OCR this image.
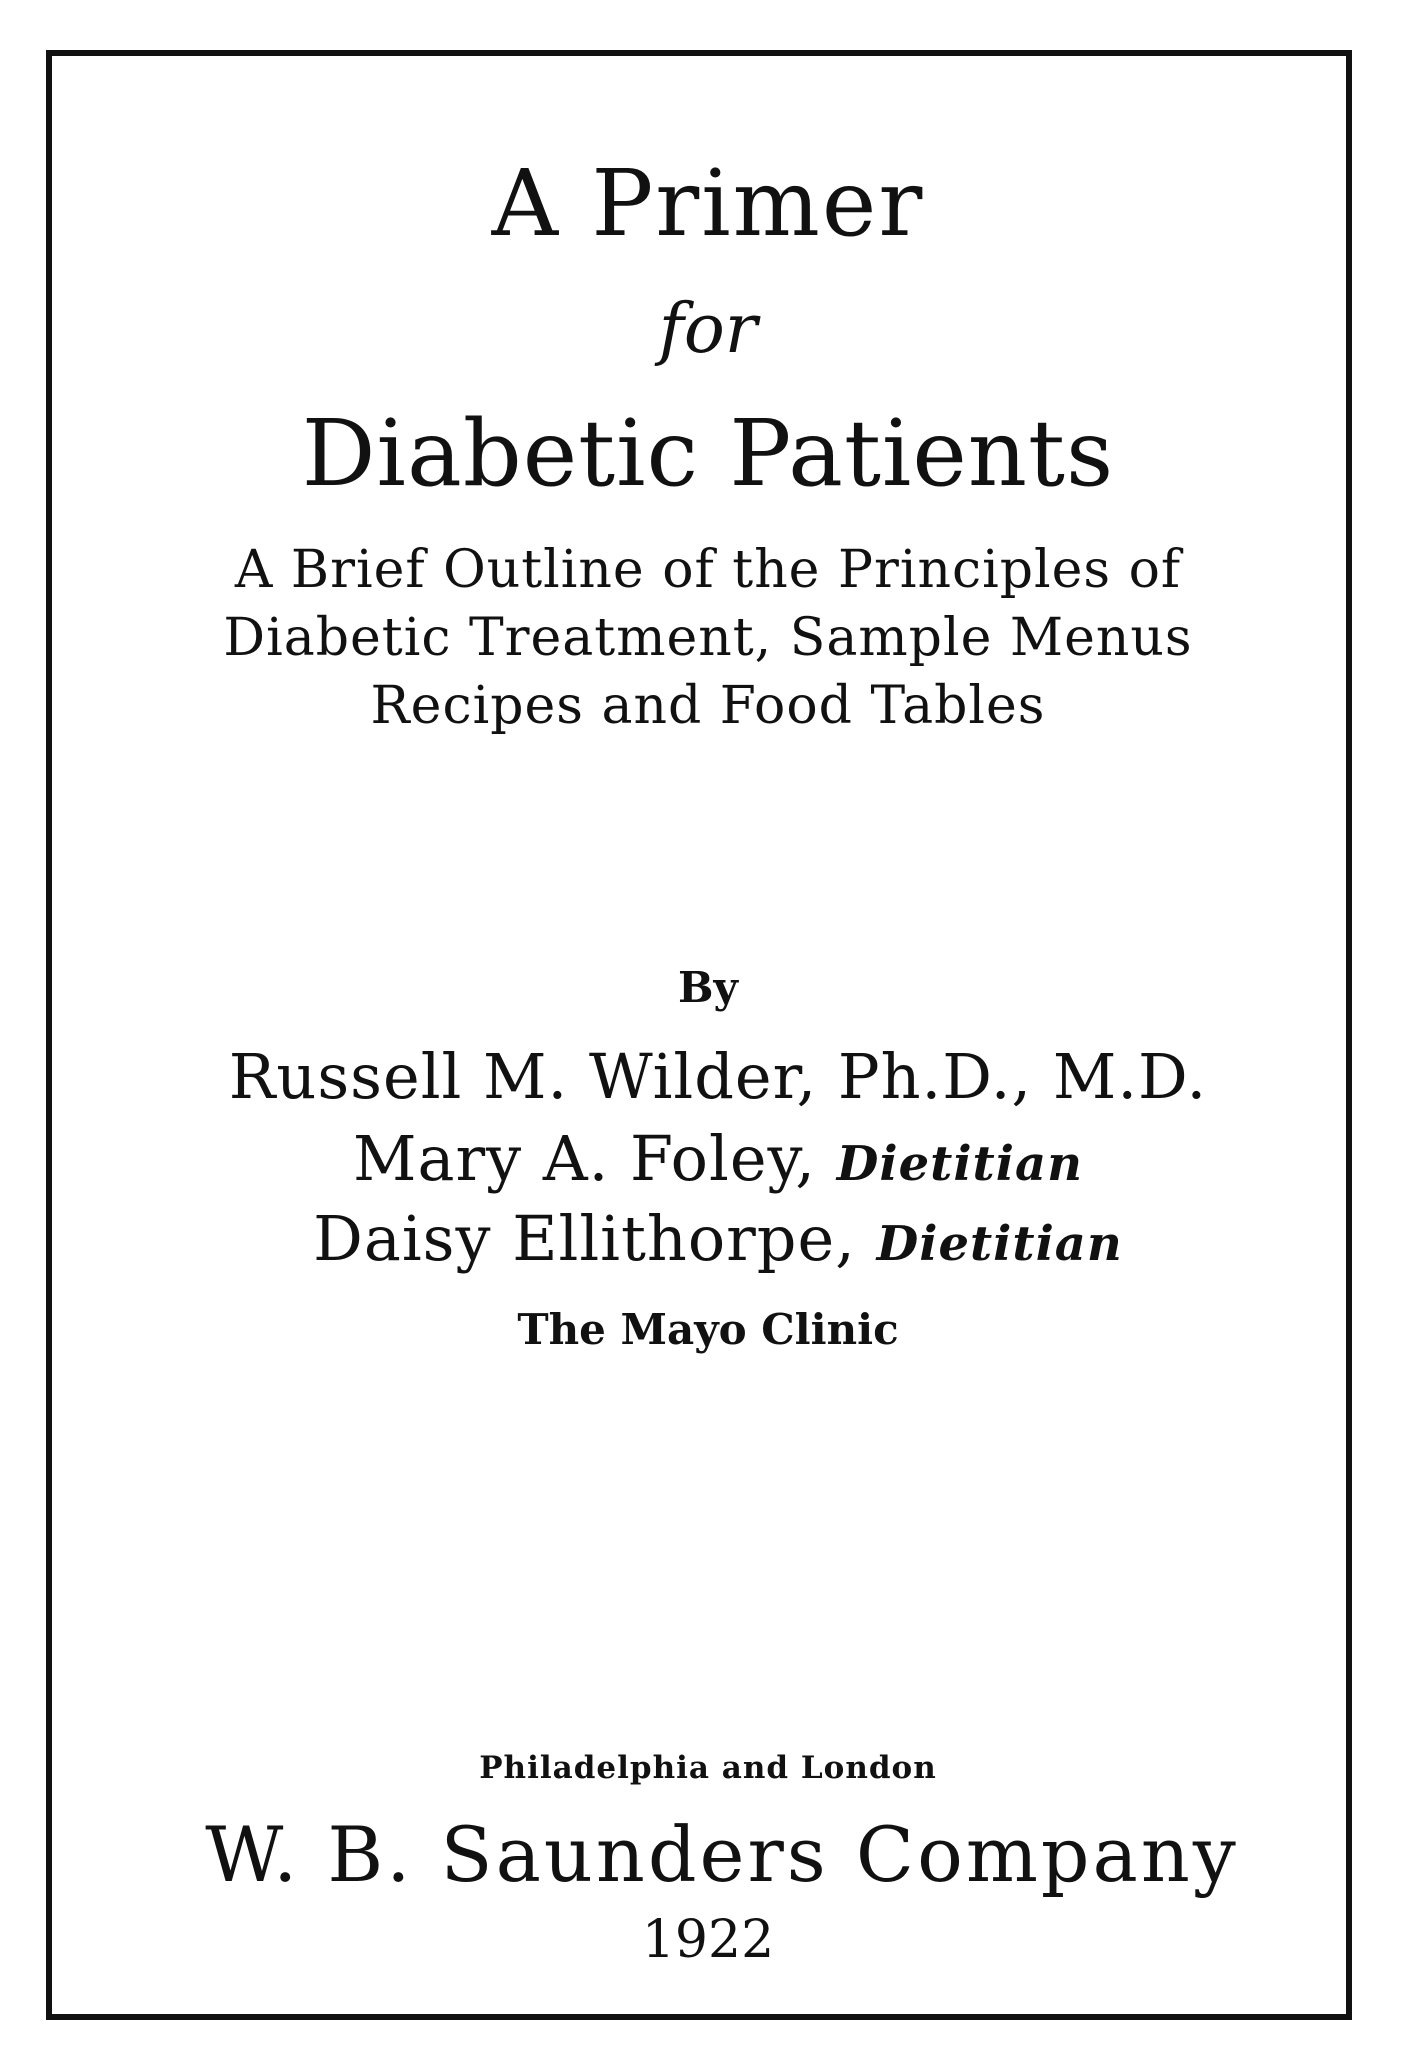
A Primer
for
Diabetic Patients
A Brief Outline of the Principles of
Diabetic Treatment, Sample Menus
Recipes and Food Tables
By
Russell M. Wilder, Ph.D., M.D.
Mary A. Foley, Dietitian
Daisy Ellithorpe, Dietitian
The Mayo Clinic
Philadelphia and London
W. B. Saunders Company
1922
